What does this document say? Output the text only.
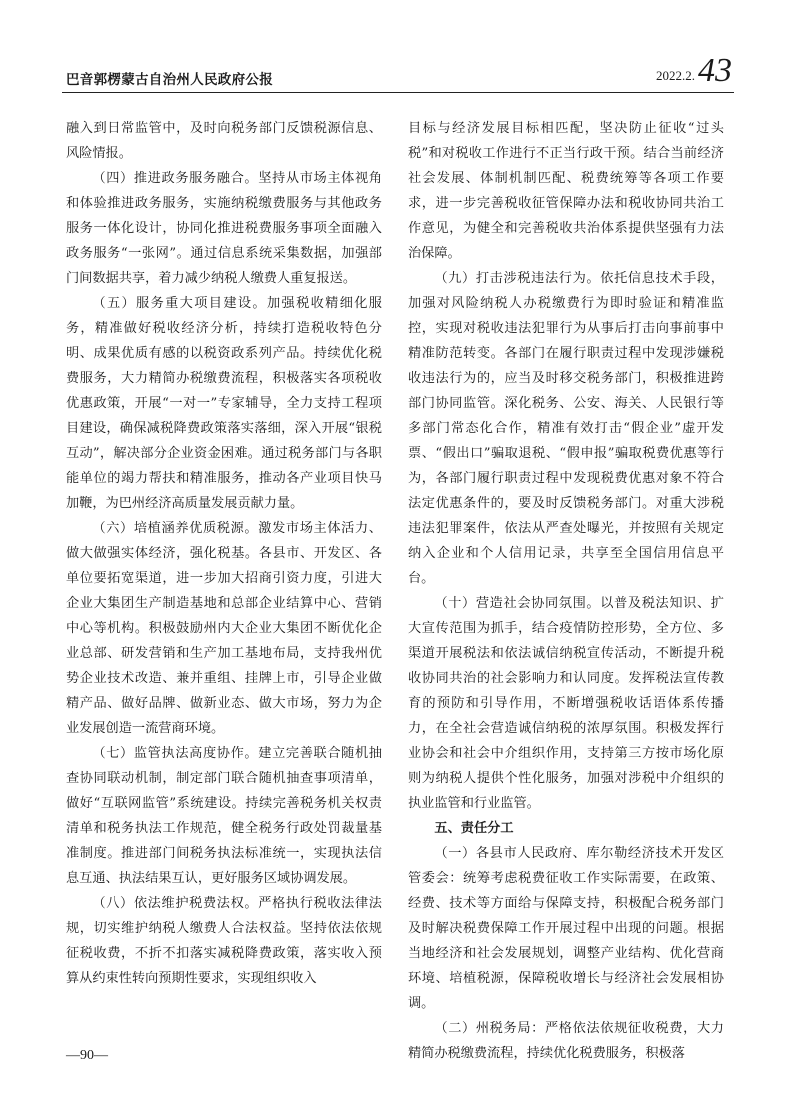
巴音郭楞蒙古自治州人民政府公报	2022.2.43

融入到日常监管中，及时向税务部门反馈税源信息、风险情报。

（四）推进政务服务融合。坚持从市场主体视角和体验推进政务服务，实施纳税缴费服务与其他政务服务一体化设计，协同化推进税费服务事项全面融入政务服务“一张网”。通过信息系统采集数据，加强部门间数据共享，着力减少纳税人缴费人重复报送。

（五）服务重大项目建设。加强税收精细化服务，精准做好税收经济分析，持续打造税收特色分明、成果优质有感的以税资政系列产品。持续优化税费服务，大力精简办税缴费流程，积极落实各项税收优惠政策，开展“一对一”专家辅导，全力支持工程项目建设，确保减税降费政策落实落细，深入开展“银税互动”，解决部分企业资金困难。通过税务部门与各职能单位的竭力帮扶和精准服务，推动各产业项目快马加鞭，为巴州经济高质量发展贡献力量。

（六）培植涵养优质税源。激发市场主体活力、做大做强实体经济，强化税基。各县市、开发区、各单位要拓宽渠道，进一步加大招商引资力度，引进大企业大集团生产制造基地和总部企业结算中心、营销中心等机构。积极鼓励州内大企业大集团不断优化企业总部、研发营销和生产加工基地布局，支持我州优势企业技术改造、兼并重组、挂牌上市，引导企业做精产品、做好品牌、做新业态、做大市场，努力为企业发展创造一流营商环境。

（七）监管执法高度协作。建立完善联合随机抽查协同联动机制，制定部门联合随机抽查事项清单，做好“互联网监管”系统建设。持续完善税务机关权责清单和税务执法工作规范，健全税务行政处罚裁量基准制度。推进部门间税务执法标准统一，实现执法信息互通、执法结果互认，更好服务区域协调发展。

（八）依法维护税费法权。严格执行税收法律法规，切实维护纳税人缴费人合法权益。坚持依法依规征税收费，不折不扣落实减税降费政策，落实收入预算从约束性转向预期性要求，实现组织收入

目标与经济发展目标相匹配，坚决防止征收“过头税”和对税收工作进行不正当行政干预。结合当前经济社会发展、体制机制匹配、税费统筹等各项工作要求，进一步完善税收征管保障办法和税收协同共治工作意见，为健全和完善税收共治体系提供坚强有力法治保障。

（九）打击涉税违法行为。依托信息技术手段，加强对风险纳税人办税缴费行为即时验证和精准监控，实现对税收违法犯罪行为从事后打击向事前事中精准防范转变。各部门在履行职责过程中发现涉嫌税收违法行为的，应当及时移交税务部门，积极推进跨部门协同监管。深化税务、公安、海关、人民银行等多部门常态化合作，精准有效打击“假企业”虚开发票、“假出口”骗取退税、“假申报”骗取税费优惠等行为，各部门履行职责过程中发现税费优惠对象不符合法定优惠条件的，要及时反馈税务部门。对重大涉税违法犯罪案件，依法从严查处曝光，并按照有关规定纳入企业和个人信用记录，共享至全国信用信息平台。

（十）营造社会协同氛围。以普及税法知识、扩大宣传范围为抓手，结合疫情防控形势，全方位、多渠道开展税法和依法诚信纳税宣传活动，不断提升税收协同共治的社会影响力和认同度。发挥税法宣传教育的预防和引导作用，不断增强税收话语体系传播力，在全社会营造诚信纳税的浓厚氛围。积极发挥行业协会和社会中介组织作用，支持第三方按市场化原则为纳税人提供个性化服务，加强对涉税中介组织的执业监管和行业监管。

五、责任分工

（一）各县市人民政府、库尔勒经济技术开发区管委会：统筹考虑税费征收工作实际需要，在政策、经费、技术等方面给与保障支持，积极配合税务部门及时解决税费保障工作开展过程中出现的问题。根据当地经济和社会发展规划，调整产业结构、优化营商环境、培植税源，保障税收增长与经济社会发展相协调。

（二）州税务局：严格依法依规征收税费，大力精简办税缴费流程，持续优化税费服务，积极落

—90—
